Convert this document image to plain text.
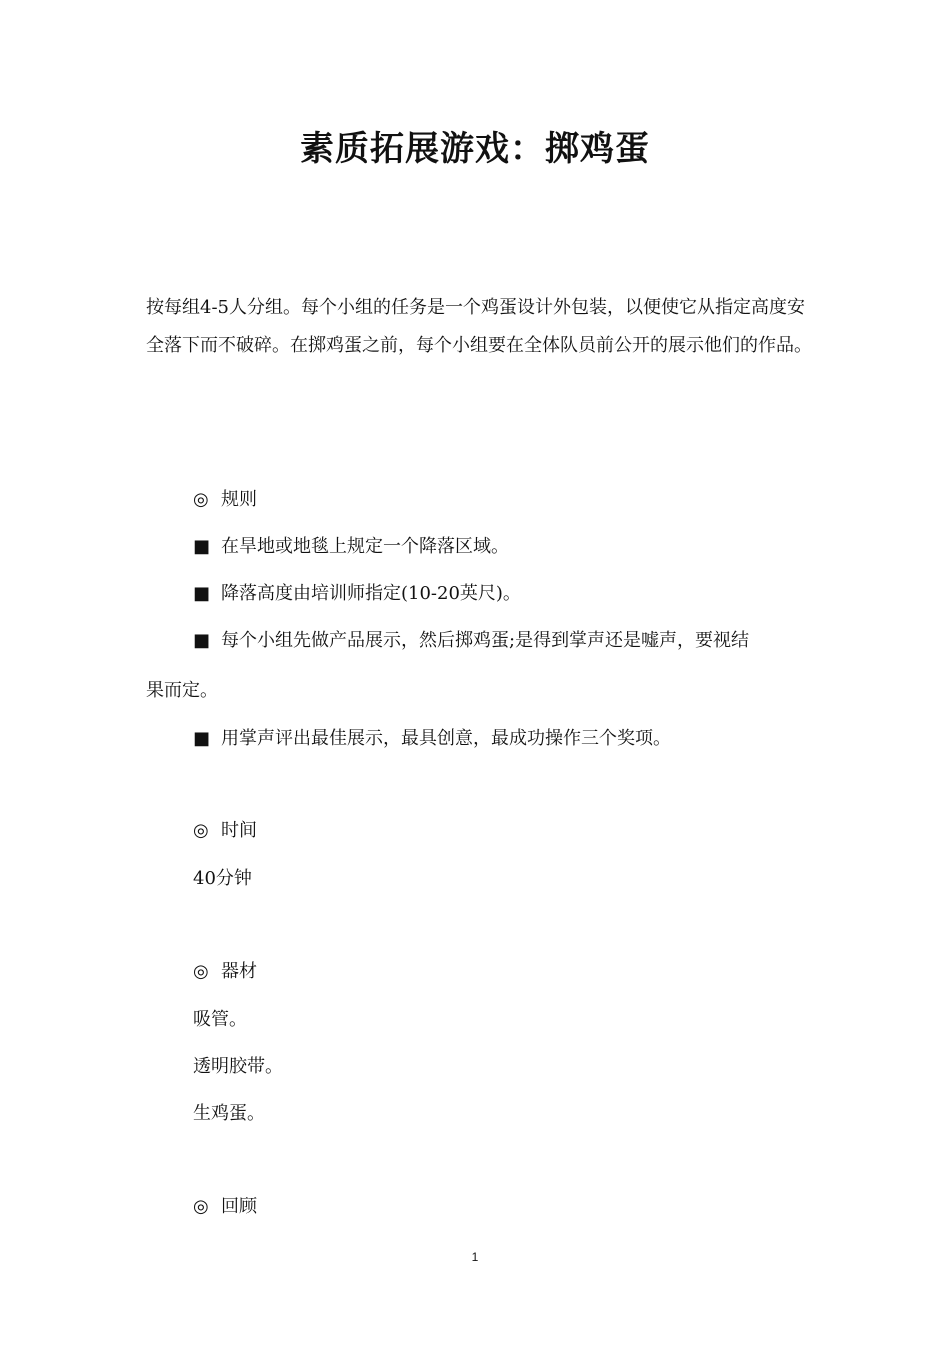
素质拓展游戏：掷鸡蛋
按每组4-5人分组。每个小组的任务是一个鸡蛋设计外包装，以便使它从指定高度安全落下而不破碎。在掷鸡蛋之前，每个小组要在全体队员前公开的展示他们的作品。
◎ 规则
■ 在旱地或地毯上规定一个降落区域。
■ 降落高度由培训师指定(10-20英尺)。
■ 每个小组先做产品展示，然后掷鸡蛋;是得到掌声还是嘘声，要视结
果而定。
■ 用掌声评出最佳展示，最具创意，最成功操作三个奖项。
◎ 时间
40分钟
◎ 器材
吸管。
透明胶带。
生鸡蛋。
◎ 回顾
1
